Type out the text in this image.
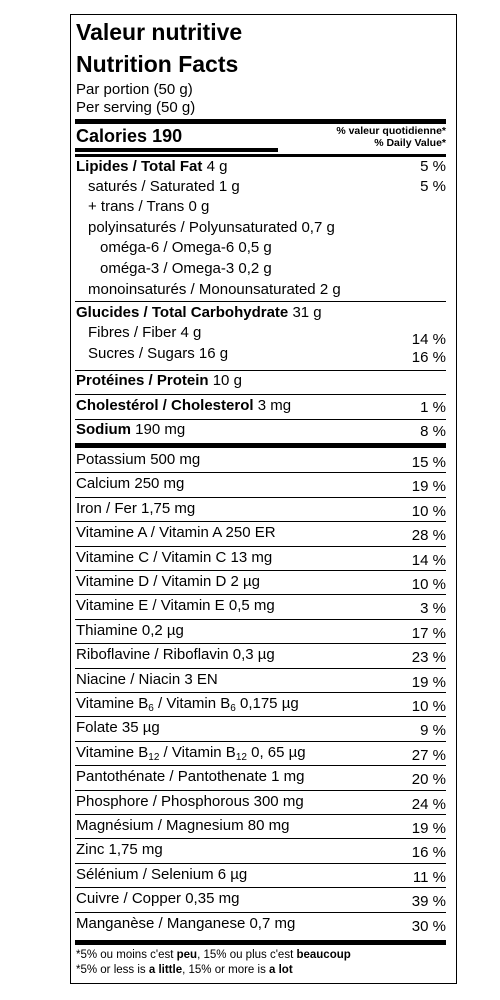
Valeur nutritive
Nutrition Facts
Par portion (50 g)
Per serving (50 g)
Calories 190	% valeur quotidienne*
% Daily Value*
Lipides / Total Fat 4 g	5 %
saturés / Saturated 1 g	5 %
+ trans / Trans 0 g
polyinsaturés / Polyunsaturated 0,7 g
oméga-6 / Omega-6 0,5 g
oméga-3 / Omega-3 0,2 g
monoinsaturés / Monounsaturated 2 g
Glucides / Total Carbohydrate 31 g
Fibres / Fiber 4 g	14 %
Sucres / Sugars 16 g	16 %
Protéines / Protein 10 g
Cholestérol / Cholesterol 3 mg	1 %
Sodium 190 mg	8 %
Potassium 500 mg	15 %
Calcium 250 mg	19 %
Iron / Fer 1,75 mg	10 %
Vitamine A / Vitamin A 250 ER	28 %
Vitamine C / Vitamin C 13 mg	14 %
Vitamine D / Vitamin D 2 µg	10 %
Vitamine E / Vitamin E 0,5 mg	3 %
Thiamine 0,2 µg	17 %
Riboflavine / Riboflavin 0,3 µg	23 %
Niacine / Niacin 3 EN	19 %
Vitamine $B_6$ / Vitamin $B_6$ 0,175 µg	10 %
Folate 35 µg	9 %
Vitamine $B_{12}$ / Vitamin $B_{12}$ 0, 65 µg	27 %
Pantothénate / Pantothenate 1 mg	20 %
Phosphore / Phosphorous 300 mg	24 %
Magnésium / Magnesium 80 mg	19 %
Zinc 1,75 mg	16 %
Sélénium / Selenium 6 µg	11 %
Cuivre / Copper 0,35 mg	39 %
Manganèse / Manganese 0,7 mg	30 %
*5% ou moins c'est peu, 15% ou plus c'est beaucoup
*5% or less is a little, 15% or more is a lot
